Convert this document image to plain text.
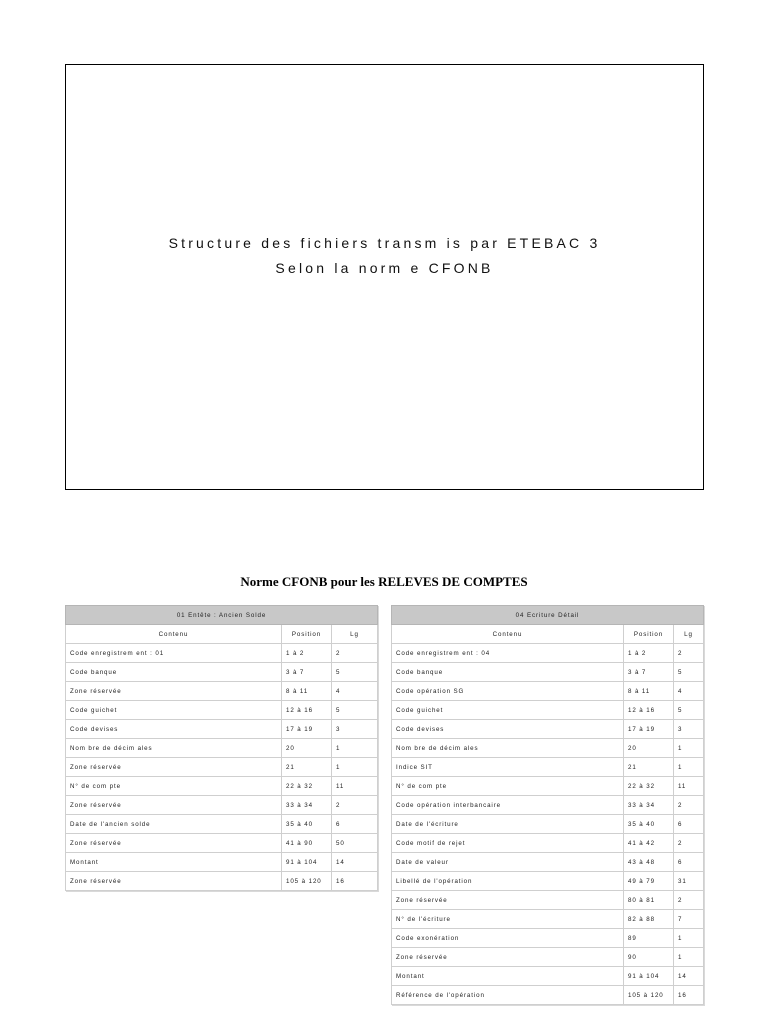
Structure des fichiers transm is par ETEBAC 3
Selon la norm e CFONB
Norme CFONB pour les RELEVES DE COMPTES
01 Entête : Ancien Solde		
Contenu	Position	Lg
Code enregistrem ent : 01	1 à 2	2
Code banque	3 à 7	5
Zone réservée	8 à 11	4
Code guichet	12 à 16	5
Code devises	17 à 19	3
Nom bre de décim ales	20	1
Zone réservée	21	1
N° de com pte	22 à 32	11
Zone réservée	33 à 34	2
Date de l'ancien solde	35 à 40	6
Zone réservée	41 à 90	50
Montant	91 à 104	14
Zone réservée	105 à 120	16
04 Ecriture Détail		
Contenu	Position	Lg
Code enregistrem ent : 04	1 à 2	2
Code banque	3 à 7	5
Code opération SG	8 à 11	4
Code guichet	12 à 16	5
Code devises	17 à 19	3
Nom bre de décim ales	20	1
Indice SIT	21	1
N° de com pte	22 à 32	11
Code opération interbancaire	33 à 34	2
Date de l'écriture	35 à 40	6
Code motif de rejet	41 à 42	2
Date de valeur	43 à 48	6
Libellé de l'opération	49 à 79	31
Zone réservée	80 à 81	2
N° de l'écriture	82 à 88	7
Code exonération	89	1
Zone réservée	90	1
Montant	91 à 104	14
Référence de l'opération	105 à 120	16
